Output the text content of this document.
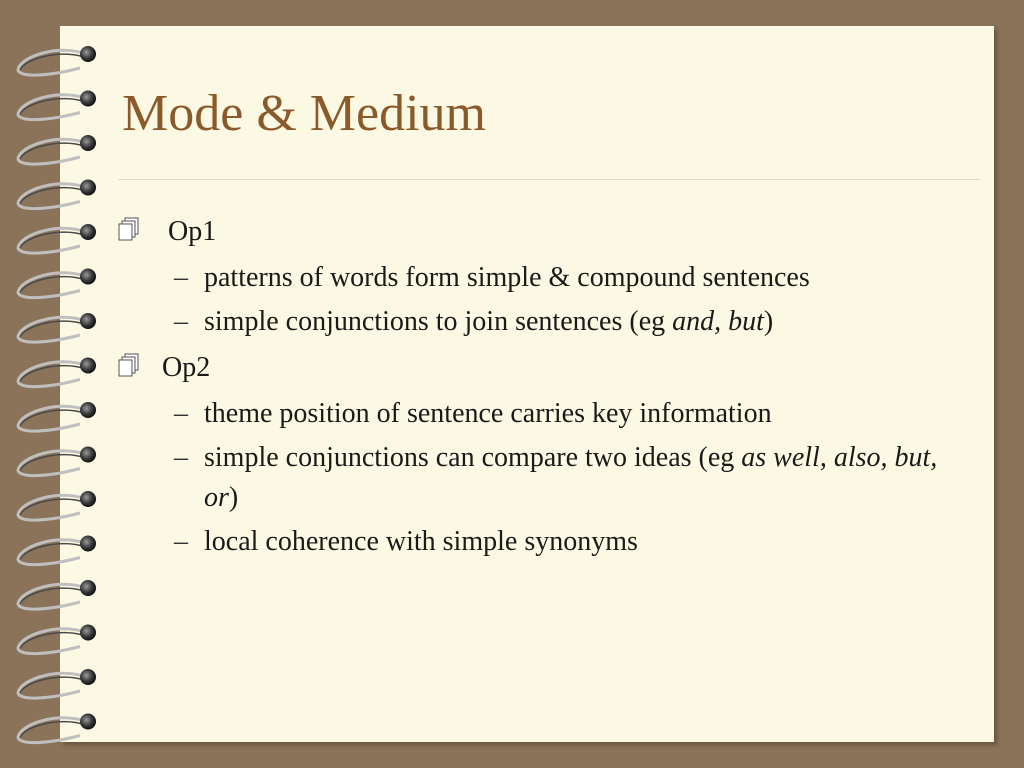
Mode & Medium
Op1
– patterns of words form simple & compound sentences
– simple conjunctions to join sentences (eg and, but)
Op2
– theme position of sentence carries key information
– simple conjunctions can compare two ideas (eg as well, also, but, or)
– local coherence with simple synonyms
